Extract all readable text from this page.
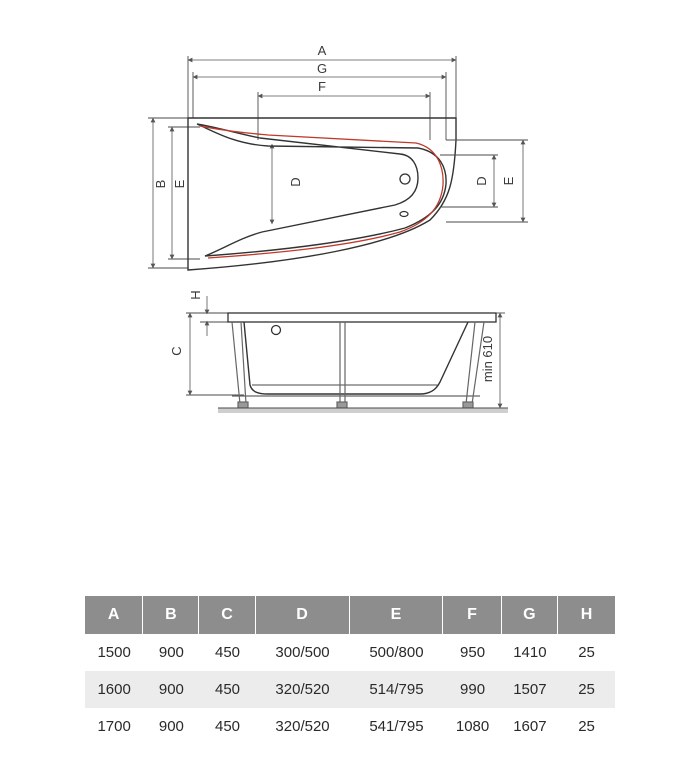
A
G
F
B E	D	D E
H
C	min 610
A	B	C	D	E	F	G	H
1500	900	450	300/500	500/800	950	1410	25
1600	900	450	320/520	514/795	990	1507	25
1700	900	450	320/520	541/795	1080	1607	25
